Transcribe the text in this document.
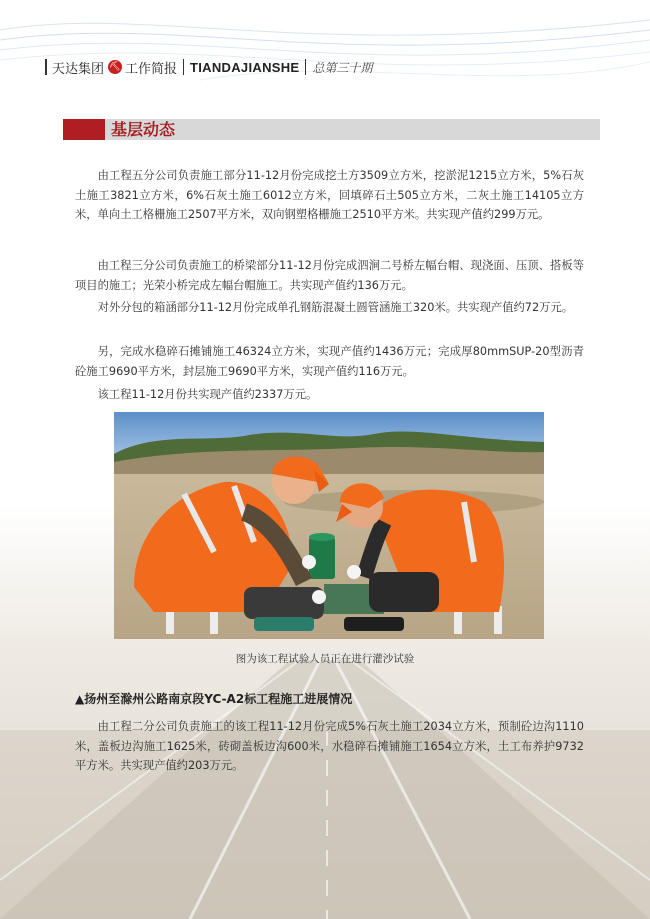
天达集团 ⛏ 工作简报 TIANDAJIANSHE 总第三十期
基层动态

由工程五分公司负责施工部分11-12月份完成挖土方3509立方米，挖淤泥1215立方米，5%石灰土施工3821立方米，6%石灰土施工6012立方米，回填碎石土505立方米，二灰土施工14105立方米，单向土工格栅施工2507平方米，双向钢塑格栅施工2510平方米。共实现产值约299万元。

由工程三分公司负责施工的桥梁部分11-12月份完成泗涧二号桥左幅台帽、现浇面、压顶、搭板等项目的施工；光荣小桥完成左幅台帽施工。共实现产值约136万元。

对外分包的箱涵部分11-12月份完成单孔钢筋混凝土圆管涵施工320米。共实现产值约72万元。

另，完成水稳碎石摊铺施工46324立方米，实现产值约1436万元；完成厚80mmSUP-20型沥青砼施工9690平方米，封层施工9690平方米，实现产值约116万元。

该工程11-12月份共实现产值约2337万元。

图为该工程试验人员正在进行灌沙试验
▲扬州至滁州公路南京段YC-A2标工程施工进展情况

由工程二分公司负责施工的该工程11-12月份完成5%石灰土施工2034立方米，预制砼边沟1110米，盖板边沟施工1625米，砖砌盖板边沟600米，水稳碎石摊铺施工1654立方米，土工布养护9732平方米。共实现产值约203万元。
